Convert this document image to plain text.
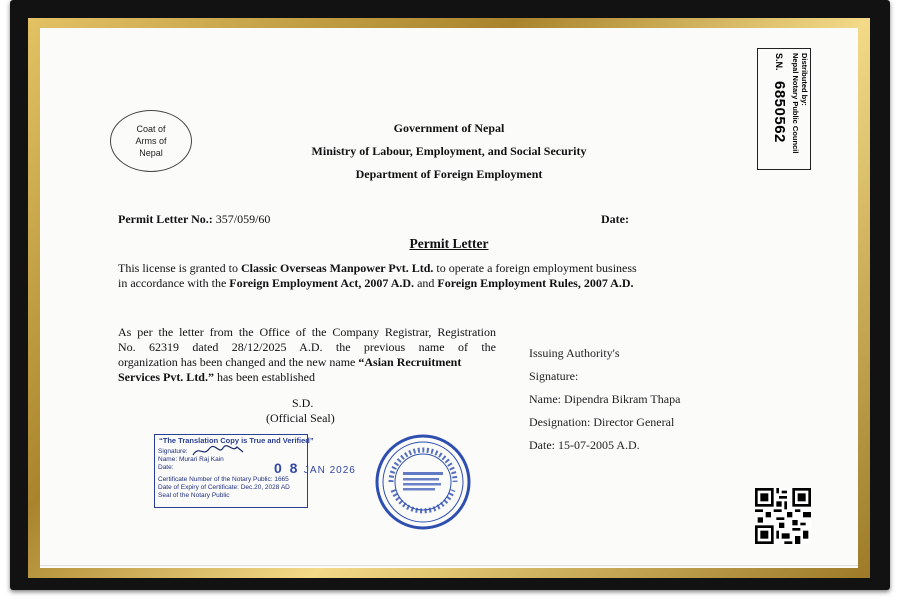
Coat of Arms of Nepal
Government of Nepal
Ministry of Labour, Employment, and Social Security
Department of Foreign Employment
Distributed by:
Nepal Notary Public Council
S.N.
6850562
Permit Letter No.: 357/059/60	Date:
Permit Letter
This license is granted to Classic Overseas Manpower Pvt. Ltd. to operate a foreign employment business
in accordance with the Foreign Employment Act, 2007 A.D. and Foreign Employment Rules, 2007 A.D.
As per the letter from the Office of the Company Registrar, Registration
No. 62319 dated 28/12/2025 A.D. the previous name of the
organization has been changed and the new name “Asian Recruitment
Services Pvt. Ltd.” has been established
S.D.
(Official Seal)
Issuing Authority's
Signature:
Name: Dipendra Bikram Thapa
Designation: Director General
Date: 15-07-2005 A.D.
“The Translation Copy is True and Verified”
Signature:
Name: Murari Raj Kain
Date:
Certificate Number of the Notary Public: 1665
Date of Expiry of Certificate: Dec.20, 2028 AD
Seal of the Notary Public
0 8 JAN 2026
